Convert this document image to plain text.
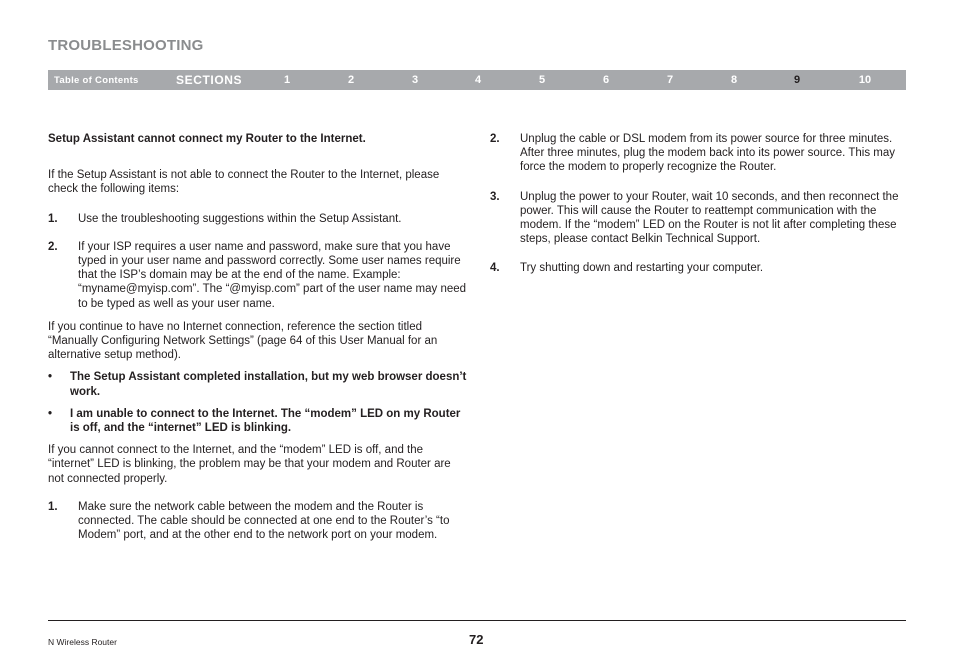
TROUBLESHOOTING
Table of Contents	SECTIONS	1	2	3	4	5	6	7	8	9	10

Setup Assistant cannot connect my Router to the Internet.

If the Setup Assistant is not able to connect the Router to the Internet, please check the following items:

1. Use the troubleshooting suggestions within the Setup Assistant.
2. If your ISP requires a user name and password, make sure that you have typed in your user name and password correctly. Some user names require that the ISP’s domain may be at the end of the name. Example: “myname@myisp.com”. The “@myisp.com” part of the user name may need to be typed as well as your user name.

If you continue to have no Internet connection, reference the section titled “Manually Configuring Network Settings” (page 64 of this User Manual for an alternative setup method).

• The Setup Assistant completed installation, but my web browser doesn’t work.
• I am unable to connect to the Internet. The “modem” LED on my Router is off, and the “internet” LED is blinking.

If you cannot connect to the Internet, and the “modem” LED is off, and the “internet” LED is blinking, the problem may be that your modem and Router are not connected properly.

1. Make sure the network cable between the modem and the Router is connected. The cable should be connected at one end to the Router’s “to Modem” port, and at the other end to the network port on your modem.
2. Unplug the cable or DSL modem from its power source for three minutes. After three minutes, plug the modem back into its power source. This may force the modem to properly recognize the Router.
3. Unplug the power to your Router, wait 10 seconds, and then reconnect the power. This will cause the Router to reattempt communication with the modem. If the “modem” LED on the Router is not lit after completing these steps, please contact Belkin Technical Support.
4. Try shutting down and restarting your computer.
N Wireless Router	72
